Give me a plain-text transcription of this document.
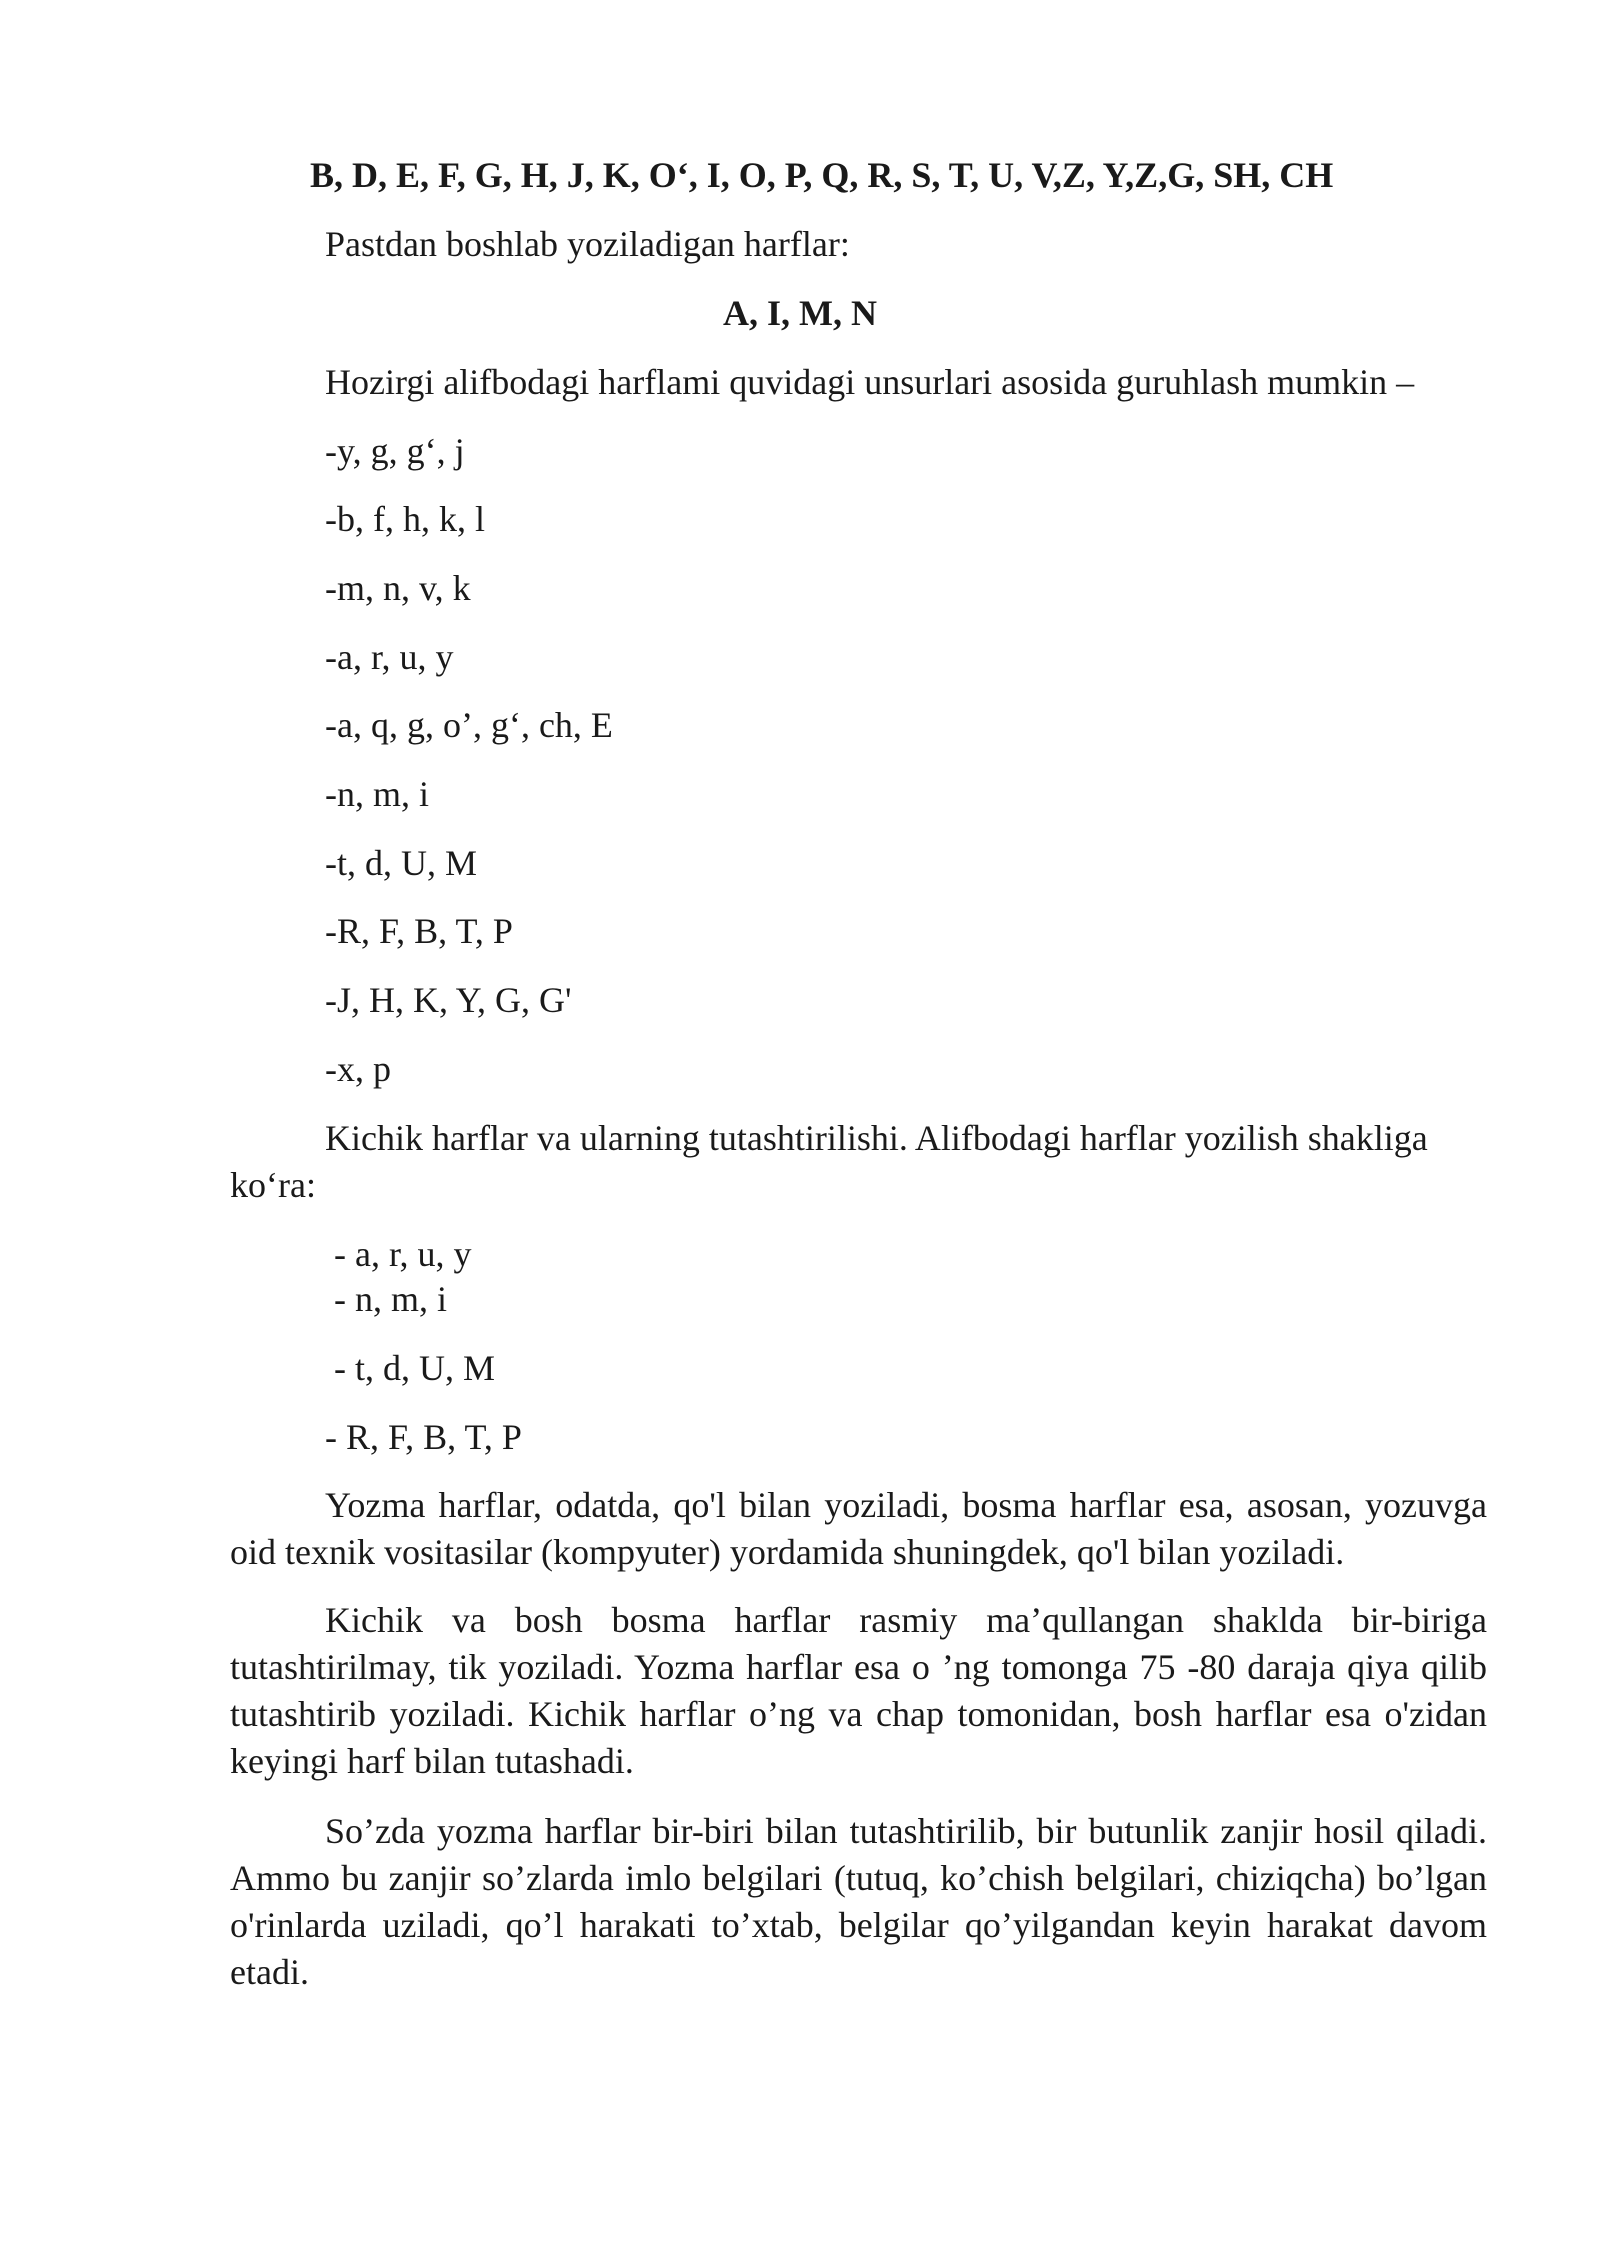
B, D, E, F, G, H, J, K, O‘, I, O, P, Q, R, S, T, U, V,Z, Y,Z,G, SH, CH
Pastdan boshlab yoziladigan harflar:
A, I, M, N
Hozirgi alifbodagi harflami quvidagi unsurlari asosida guruhlash mumkin –
-y, g, g‘, j
-b, f, h, k, l
-m, n, v, k
-a, r, u, y
-a, q, g, o’, g‘, ch, E
-n, m, i
-t, d, U, M
-R, F, B, T, P
-J, H, K, Y, G, G'
-x, p
Kichik harflar va ularning tutashtirilishi. Alifbodagi harflar yozilish shakliga
ko‘ra:
- a, r, u, y
- n, m, i
- t, d, U, M
- R, F, B, T, P
Yozma harflar, odatda, qo'l bilan yoziladi, bosma harflar esa, asosan, yozuvga oid texnik vositasilar (kompyuter) yordamida shuningdek, qo'l bilan yoziladi.
Kichik va bosh bosma harflar rasmiy ma’qullangan shaklda bir-biriga tutashtirilmay, tik yoziladi. Yozma harflar esa o ’ng tomonga 75 -80 daraja qiya qilib tutashtirib yoziladi. Kichik harflar o’ng va chap tomonidan, bosh harflar esa o'zidan keyingi harf bilan tutashadi.
So’zda yozma harflar bir-biri bilan tutashtirilib, bir butunlik zanjir hosil qiladi. Ammo bu zanjir so’zlarda imlo belgilari (tutuq, ko’chish belgilari, chiziqcha) bo’lgan o'rinlarda uziladi, qo’l harakati to’xtab, belgilar qo’yilgandan keyin harakat davom etadi.
